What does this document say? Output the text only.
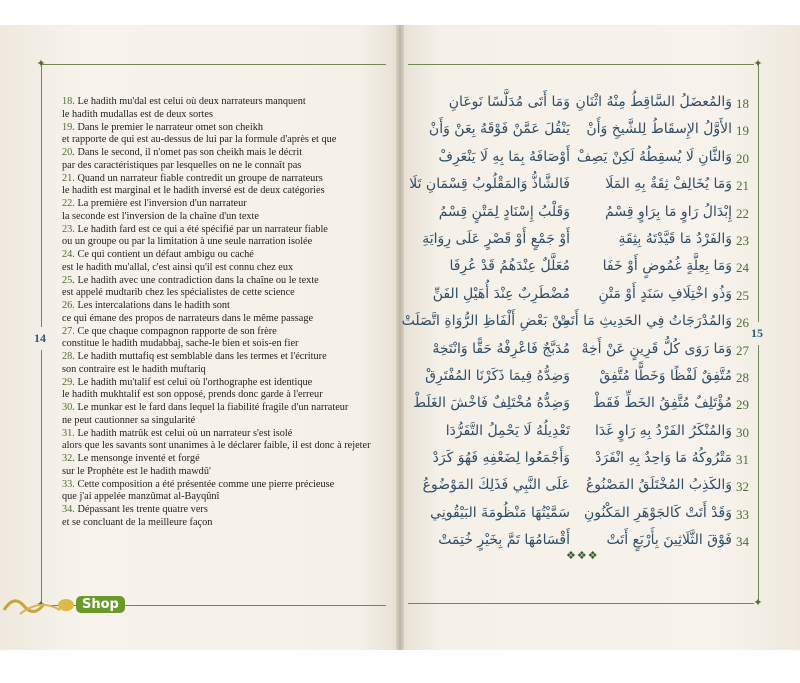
✦
✦
✦
✦
14	15
18. Le hadith mu'dal est celui où deux narrateurs manquent
le hadith mudallas est de deux sortes
19. Dans le premier le narrateur omet son cheikh
et rapporte de qui est au-dessus de lui par la formule d'après et que
20. Dans le second, il n'omet pas son cheikh mais le décrit
par des caractéristiques par lesquelles on ne le connaît pas
21. Quand un narrateur fiable contredit un groupe de narrateurs
le hadith est marginal et le hadith inversé est de deux catégories
22. La première est l'inversion d'un narrateur
la seconde est l'inversion de la chaîne d'un texte
23. Le hadith fard est ce qui a été spécifié par un narrateur fiable
ou un groupe ou par la limitation à une seule narration isolée
24. Ce qui contient un défaut ambigu ou caché
est le hadith mu'allal, c'est ainsi qu'il est connu chez eux
25. Le hadith avec une contradiction dans la chaîne ou le texte
est appelé mudtarib chez les spécialistes de cette science
26. Les intercalations dans le hadith sont
ce qui émane des propos de narrateurs dans le même passage
27. Ce que chaque compagnon rapporte de son frère
constitue le hadith mudabbaj, sache-le bien et sois-en fier
28. Le hadith muttafiq est semblable dans les termes et l'écriture
son contraire est le hadith muftariq
29. Le hadith mu'talif est celui où l'orthographe est identique
le hadith mukhtalif est son opposé, prends donc garde à l'erreur
30. Le munkar est le fard dans lequel la fiabilité fragile d'un narrateur
ne peut cautionner sa singularité
31. Le hadith matrûk est celui où un narrateur s'est isolé
alors que les savants sont unanimes à le déclarer faible, il est donc à rejeter
32. Le mensonge inventé et forgé
sur le Prophète est le hadith mawdû'
33. Cette composition a été présentée comme une pierre précieuse
que j'ai appelée manzûmat al-Bayqûnî
34. Dépassant les trente quatre vers
et se concluant de la meilleure façon
18
وَالمُعضَلُ السَّاقِطُ مِنْهُ اثْنَانِ
وَمَا أَتَى مُدَلَّسًا نَوعَانِ
19
الأَوَّلُ الإِسقَاطُ لِلشَّيخِ وَأَنْ
يَنْقُلَ عَمَّنْ فَوْقَهُ بِعَنْ وَأَنْ
20
وَالثَّانِ لَا يُسقِطُهُ لَكِنْ يَصِفْ
أَوْصَافَهُ بِمَا بِهِ لَا يَنْعَرِفْ
21
وَمَا يُخَالِفْ ثِقَةٌ بِهِ المَلَا
فَالشَّاذُّ وَالمَقْلُوبُ قِسْمَانِ تَلَا
22
إِبْدَالُ رَاوٍ مَا بِرَاوٍ قِسْمُ
وَقَلْبُ إِسْنَادٍ لِمَتْنٍ قِسْمُ
23
وَالفَرْدُ مَا قَيَّدْتَهُ بِثِقَةِ
أَوْ جَمْعٍ أَوْ قَصْرٍ عَلَى رِوَايَةِ
24
وَمَا بِعِلَّةٍ غُمُوضٍ أَوْ خَفَا
مُعَلَّلٌ عِنْدَهُمُ قَدْ عُرِفَا
25
وَذُو اخْتِلَافِ سَنَدٍ أَوْ مَتْنِ
مُضْطَرِبٌ عِنْدَ أُهَيْلِ الفَنِّ
26
وَالمُدْرَجَاتُ فِي الحَدِيثِ مَا أَتَتْ
مِنْ بَعْضِ أَلْفَاظِ الرُّوَاةِ اتَّصَلَتْ
27
وَمَا رَوَى كُلُّ قَرِينٍ عَنْ أَخِهْ
مُدَبَّجٌ فَاعْرِفْهُ حَقًّا وَانْتَخِهْ
28
مُتَّفِقٌ لَفْظًا وَخَطًّا مُتَّفِقْ
وَضِدُّهُ فِيمَا ذَكَرْنَا المُفْتَرِقْ
29
مُؤْتَلِفٌ مُتَّفِقُ الخَطِّ فَقَطْ
وَضِدُّهُ مُخْتَلِفٌ فَاخْشَ الغَلَطْ
30
وَالمُنْكَرُ الفَرْدُ بِهِ رَاوٍ غَدَا
تَعْدِيلُهُ لَا يَحْمِلُ التَّفَرُّدَا
31
مَتْرُوكُهُ مَا وَاحِدٌ بِهِ انْفَرَدْ
وَأَجْمَعُوا لِضَعْفِهِ فَهُوَ كَرَدْ
32
وَالكَذِبُ المُخْتَلَقُ المَصْنُوعُ
عَلَى النَّبِي فَذَلِكَ المَوْضُوعُ
33
وَقَدْ أَتَتْ كَالجَوْهَرِ المَكْنُونِ
سَمَّيْتُهَا مَنْظُومَةَ البَيْقُونِي
34
فَوْقَ الثَّلَاثِينَ بِأَرْبَعٍ أَتَتْ
أَقْسَامُهَا تَمَّ بِخَيْرٍ خُتِمَتْ
❖❖❖
Shop
